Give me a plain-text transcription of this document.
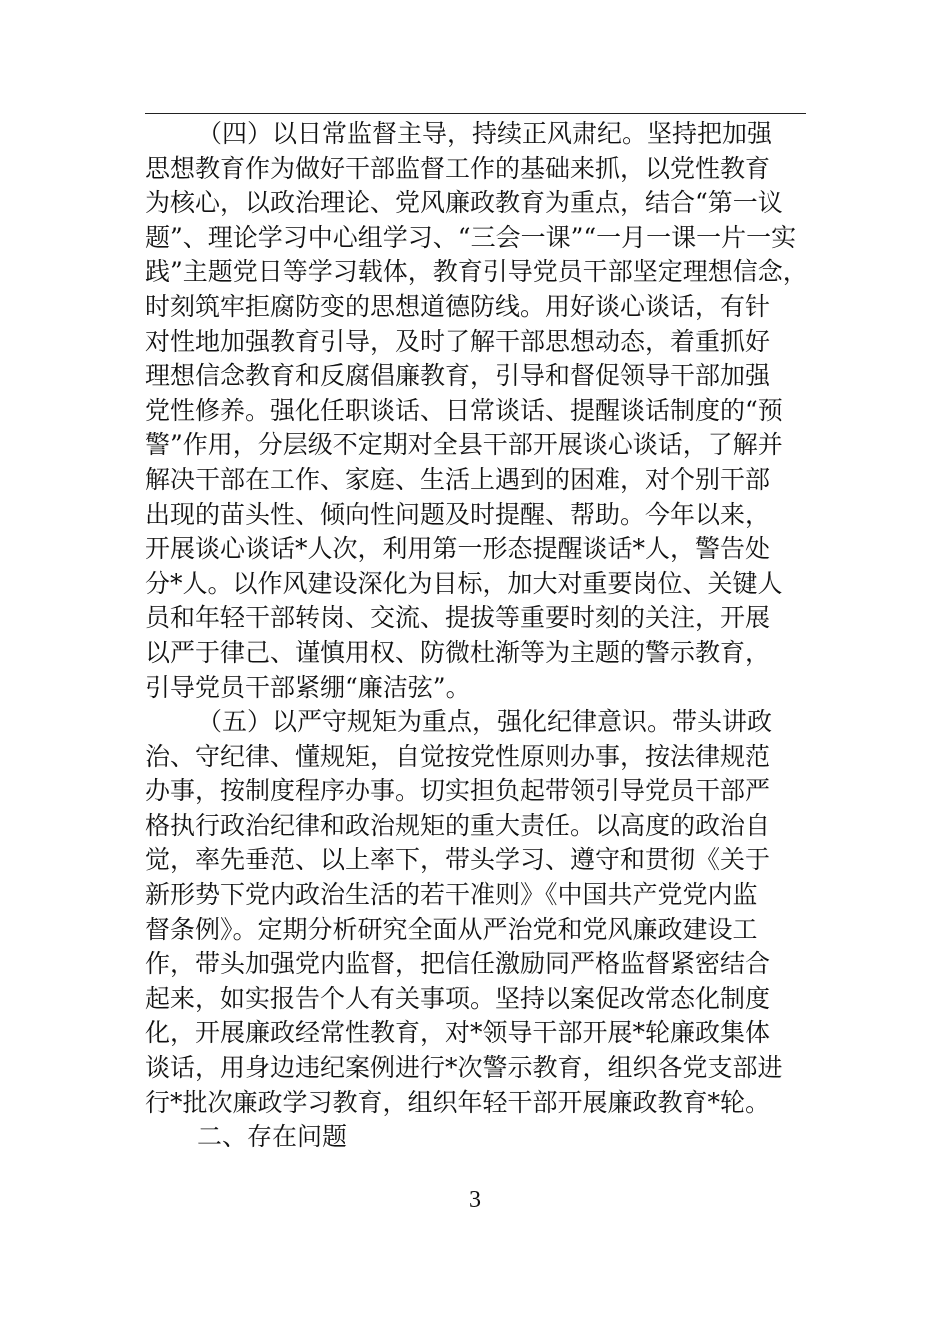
（四）以日常监督主导，持续正风肃纪。坚持把加强
思想教育作为做好干部监督工作的基础来抓，以党性教育
为核心，以政治理论、党风廉政教育为重点，结合“第一议
题”、理论学习中心组学习、“三会一课”“一月一课一片一实
践”主题党日等学习载体，教育引导党员干部坚定理想信念，
时刻筑牢拒腐防变的思想道德防线。用好谈心谈话，有针
对性地加强教育引导，及时了解干部思想动态，着重抓好
理想信念教育和反腐倡廉教育，引导和督促领导干部加强
党性修养。强化任职谈话、日常谈话、提醒谈话制度的“预
警”作用，分层级不定期对全县干部开展谈心谈话，了解并
解决干部在工作、家庭、生活上遇到的困难，对个别干部
出现的苗头性、倾向性问题及时提醒、帮助。今年以来，
开展谈心谈话*人次，利用第一形态提醒谈话*人，警告处
分*人。以作风建设深化为目标，加大对重要岗位、关键人
员和年轻干部转岗、交流、提拔等重要时刻的关注，开展
以严于律己、谨慎用权、防微杜渐等为主题的警示教育，
引导党员干部紧绷“廉洁弦”。
（五）以严守规矩为重点，强化纪律意识。带头讲政
治、守纪律、懂规矩，自觉按党性原则办事，按法律规范
办事，按制度程序办事。切实担负起带领引导党员干部严
格执行政治纪律和政治规矩的重大责任。以高度的政治自
觉，率先垂范、以上率下，带头学习、遵守和贯彻《关于
新形势下党内政治生活的若干准则》《中国共产党党内监
督条例》。定期分析研究全面从严治党和党风廉政建设工
作，带头加强党内监督，把信任激励同严格监督紧密结合
起来，如实报告个人有关事项。坚持以案促改常态化制度
化，开展廉政经常性教育，对*领导干部开展*轮廉政集体
谈话，用身边违纪案例进行*次警示教育，组织各党支部进
行*批次廉政学习教育，组织年轻干部开展廉政教育*轮。
二、存在问题
3
